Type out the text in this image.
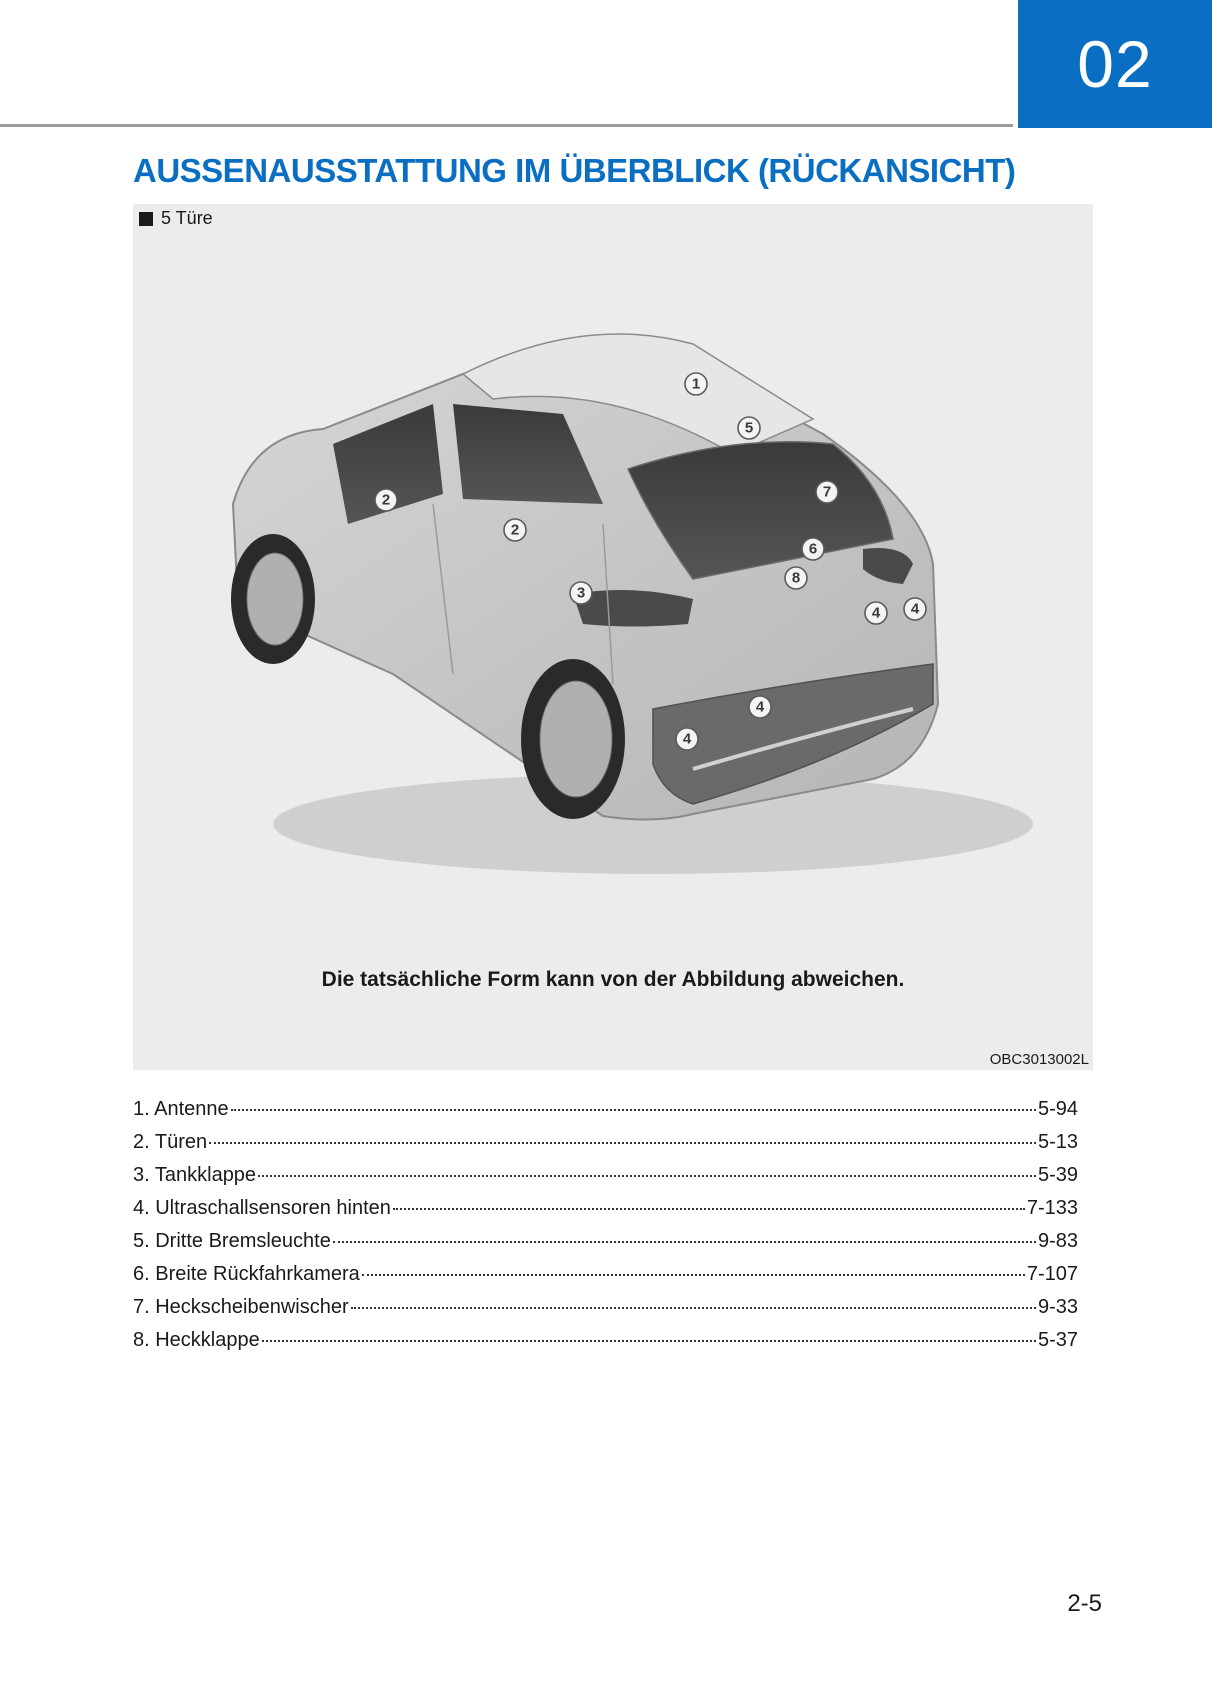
02
AUSSENAUSSTATTUNG IM ÜBERBLICK (RÜCKANSICHT)
5 Türe
1
5
2
2
7
6
8
3
4
4
4
4
Die tatsächliche Form kann von der Abbildung abweichen.
OBC3013002L
1. Antenne	5-94
2. Türen	5-13
3. Tankklappe	5-39
4. Ultraschallsensoren hinten	7-133
5. Dritte Bremsleuchte	9-83
6. Breite Rückfahrkamera	7-107
7. Heckscheibenwischer	9-33
8. Heckklappe	5-37
2-5
